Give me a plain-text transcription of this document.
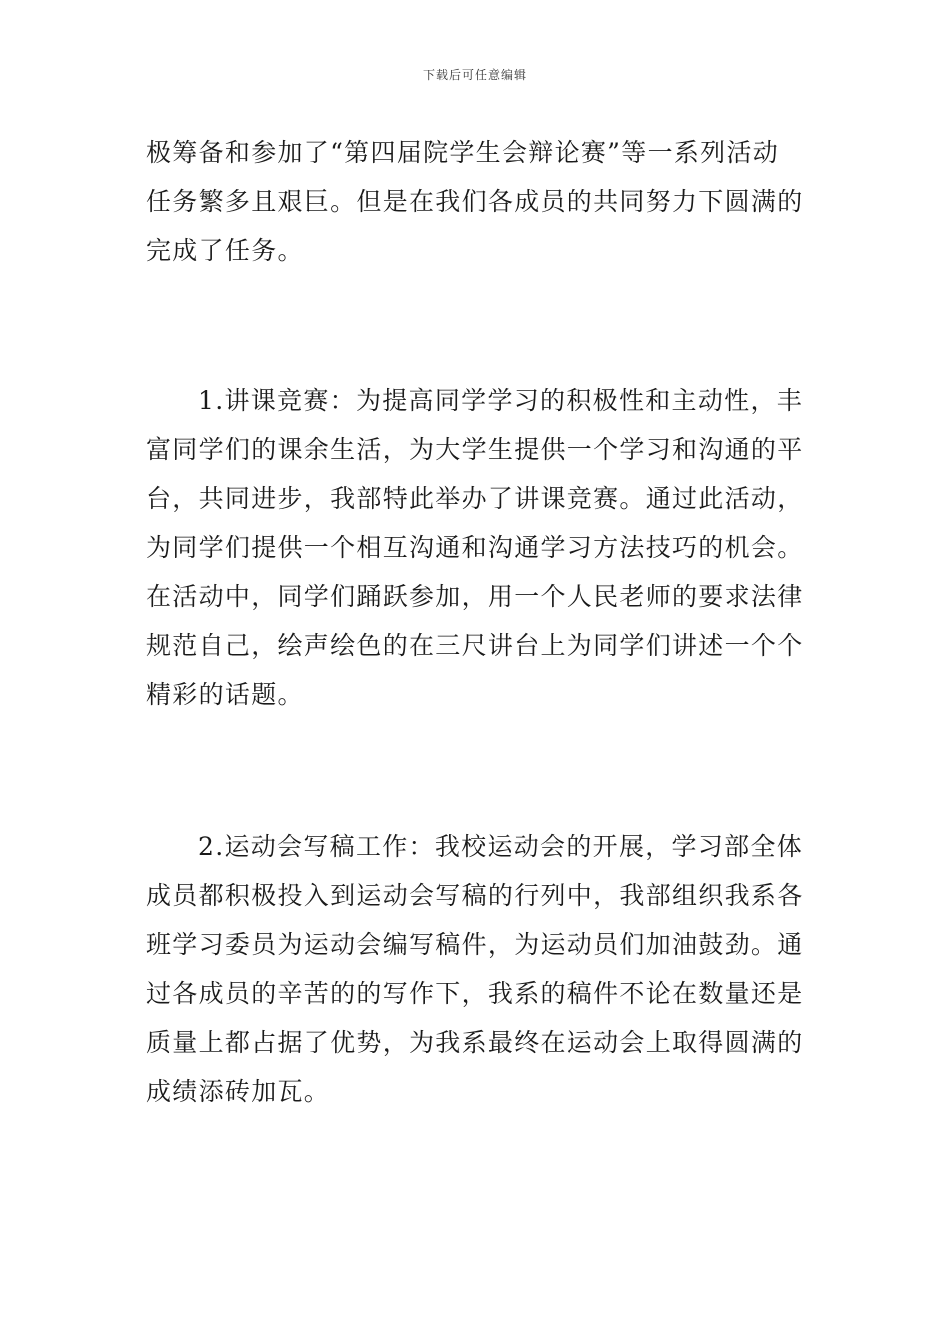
下载后可任意编辑
极筹备和参加了“第四届院学生会辩论赛”等一系列活动
任务繁多且艰巨。但是在我们各成员的共同努力下圆满的
完成了任务。
1.讲课竞赛：为提高同学学习的积极性和主动性，丰
富同学们的课余生活，为大学生提供一个学习和沟通的平
台，共同进步，我部特此举办了讲课竞赛。通过此活动，
为同学们提供一个相互沟通和沟通学习方法技巧的机会。
在活动中，同学们踊跃参加，用一个人民老师的要求法律
规范自己，绘声绘色的在三尺讲台上为同学们讲述一个个
精彩的话题。
2.运动会写稿工作：我校运动会的开展，学习部全体
成员都积极投入到运动会写稿的行列中，我部组织我系各
班学习委员为运动会编写稿件，为运动员们加油鼓劲。通
过各成员的辛苦的的写作下，我系的稿件不论在数量还是
质量上都占据了优势，为我系最终在运动会上取得圆满的
成绩添砖加瓦。
